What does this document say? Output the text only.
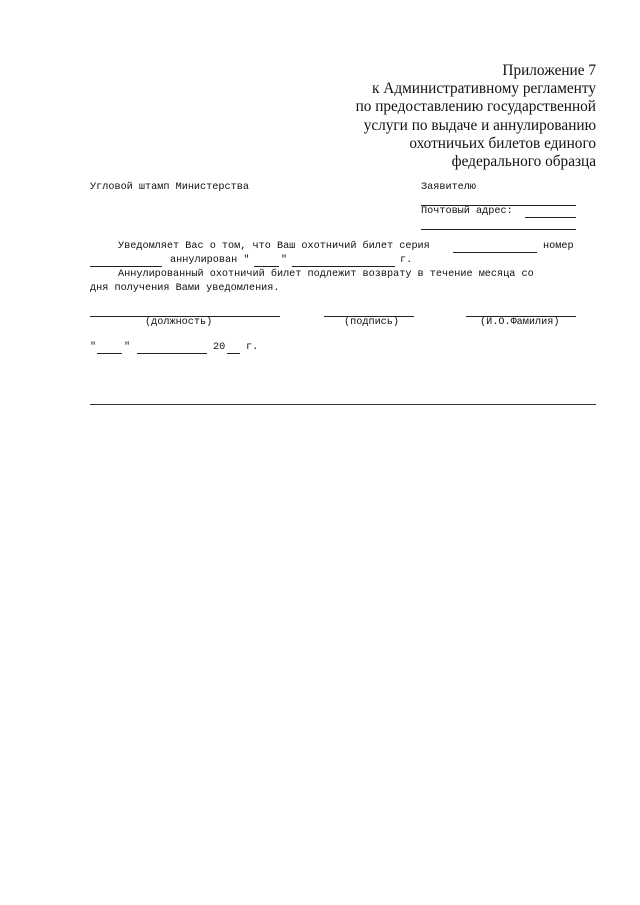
Приложение 7
к Административному регламенту
по предоставлению государственной
услуги по выдаче и аннулированию
охотничьих билетов единого
федерального образца
Угловой штамп Министерства	Заявителю
Почтовый адрес:
Уведомляет Вас о том, что Ваш охотничий билет серия	номер
аннулирован "	"	г.
Аннулированный охотничий билет подлежит возврату в течение месяца со
дня получения Вами уведомления.
(должность)	(подпись)	(И.О.Фамилия)
"	"	20 г.
